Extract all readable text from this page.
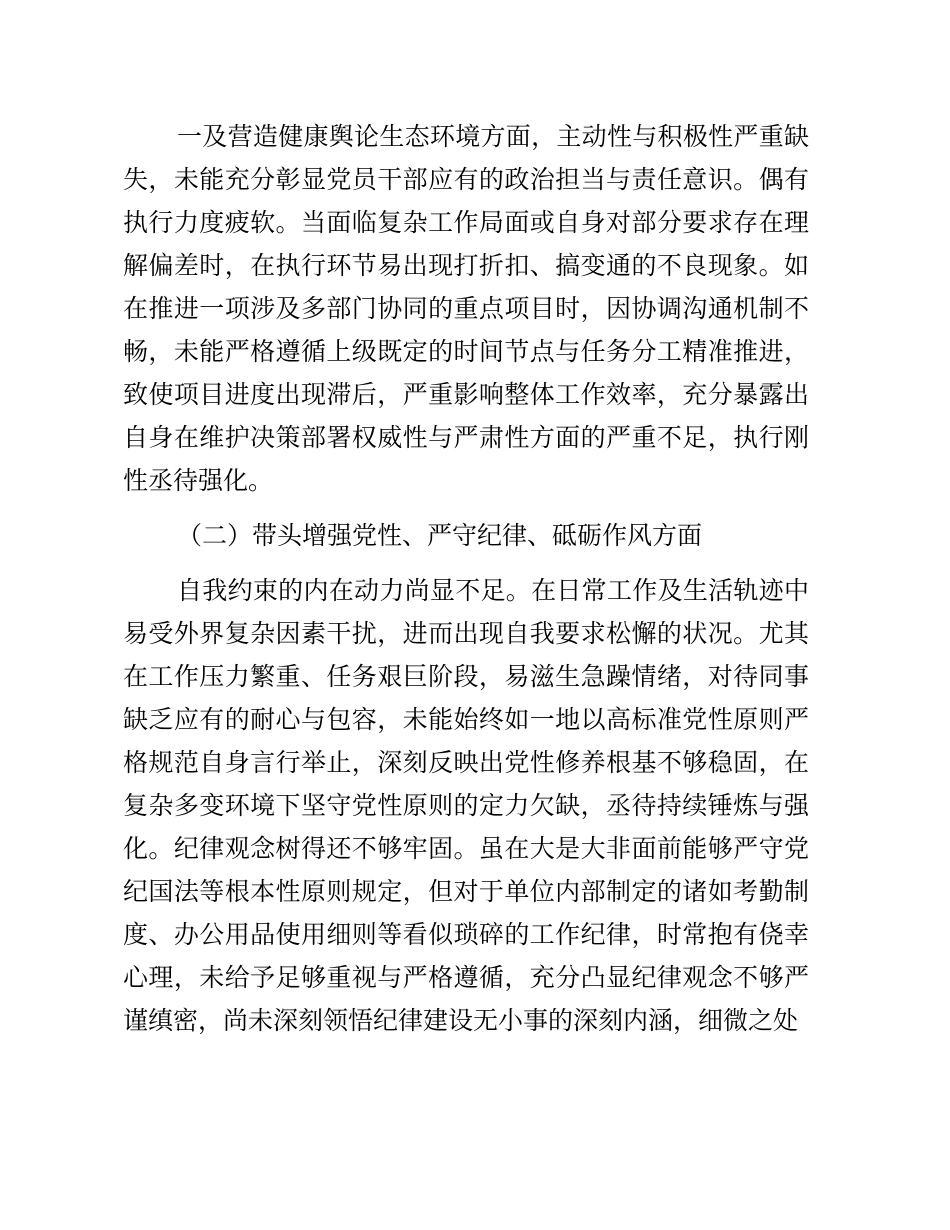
一及营造健康舆论生态环境方面，主动性与积极性严重缺失，未能充分彰显党员干部应有的政治担当与责任意识。偶有执行力度疲软。当面临复杂工作局面或自身对部分要求存在理解偏差时，在执行环节易出现打折扣、搞变通的不良现象。如在推进一项涉及多部门协同的重点项目时，因协调沟通机制不畅，未能严格遵循上级既定的时间节点与任务分工精准推进，致使项目进度出现滞后，严重影响整体工作效率，充分暴露出自身在维护决策部署权威性与严肃性方面的严重不足，执行刚性丞待强化。

（二）带头增强党性、严守纪律、砥砺作风方面

自我约束的内在动力尚显不足。在日常工作及生活轨迹中易受外界复杂因素干扰，进而出现自我要求松懈的状况。尤其在工作压力繁重、任务艰巨阶段，易滋生急躁情绪，对待同事缺乏应有的耐心与包容，未能始终如一地以高标准党性原则严格规范自身言行举止，深刻反映出党性修养根基不够稳固，在复杂多变环境下坚守党性原则的定力欠缺，丞待持续锤炼与强化。纪律观念树得还不够牢固。虽在大是大非面前能够严守党纪国法等根本性原则规定，但对于单位内部制定的诸如考勤制度、办公用品使用细则等看似琐碎的工作纪律，时常抱有侥幸心理，未给予足够重视与严格遵循，充分凸显纪律观念不够严谨缜密，尚未深刻领悟纪律建设无小事的深刻内涵，细微之处
